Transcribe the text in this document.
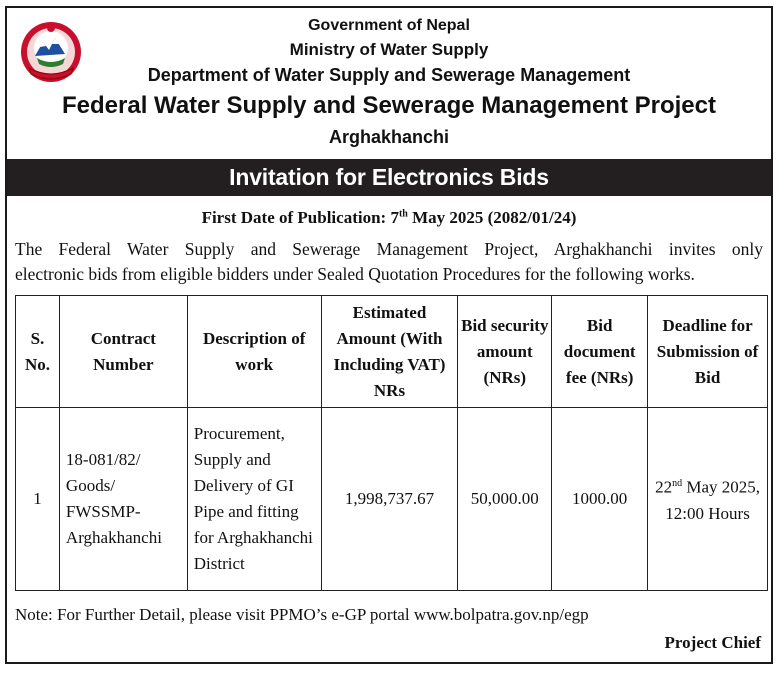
Government of Nepal
Ministry of Water Supply
Department of Water Supply and Sewerage Management
Federal Water Supply and Sewerage Management Project
Arghakhanchi
Invitation for Electronics Bids
First Date of Publication: 7th May 2025 (2082/01/24)
The Federal Water Supply and Sewerage Management Project, Arghakhanchi invites only
electronic bids from eligible bidders under Sealed Quotation Procedures for the following works.
S. No.	Contract Number	Description of work	Estimated Amount (With Including VAT) NRs	Bid security amount (NRs)	Bid document fee (NRs)	Deadline for Submission of Bid
1	18-081/82/ Goods/ FWSSMP-Arghakhanchi	Procurement, Supply and Delivery of GI Pipe and fitting for Arghakhanchi District	1,998,737.67	50,000.00	1000.00	22nd May 2025, 12:00 Hours
Note: For Further Detail, please visit PPMO’s e-GP portal www.bolpatra.gov.np/egp
Project Chief
